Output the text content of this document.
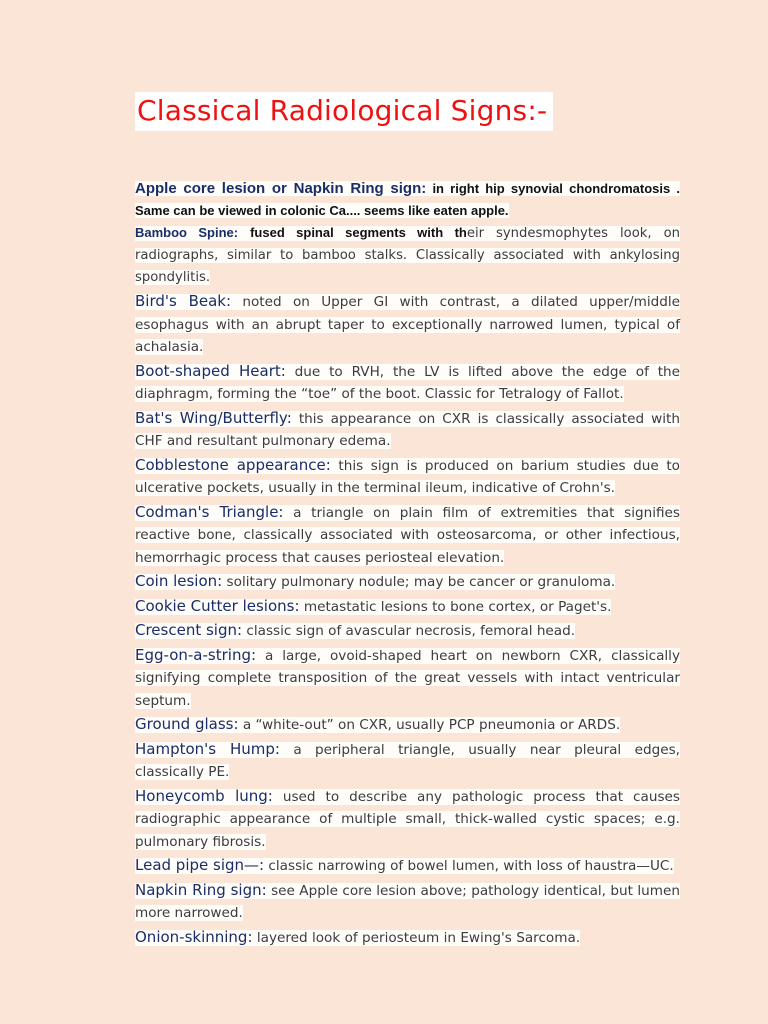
Classical Radiological Signs:-
Apple core lesion or Napkin Ring sign: in right hip synovial chondromatosis . Same can be viewed in colonic Ca.... seems like eaten apple.
Bamboo Spine: fused spinal segments with their syndesmophytes look, on radiographs, similar to bamboo stalks. Classically associated with ankylosing spondylitis.
Bird's Beak: noted on Upper GI with contrast, a dilated upper/middle esophagus with an abrupt taper to exceptionally narrowed lumen, typical of achalasia.
Boot-shaped Heart: due to RVH, the LV is lifted above the edge of the diaphragm, forming the “toe” of the boot. Classic for Tetralogy of Fallot.
Bat's Wing/Butterfly: this appearance on CXR is classically associated with CHF and resultant pulmonary edema.
Cobblestone appearance: this sign is produced on barium studies due to ulcerative pockets, usually in the terminal ileum, indicative of Crohn's.
Codman's Triangle: a triangle on plain film of extremities that signifies reactive bone, classically associated with osteosarcoma, or other infectious, hemorrhagic process that causes periosteal elevation.
Coin lesion: solitary pulmonary nodule; may be cancer or granuloma.
Cookie Cutter lesions: metastatic lesions to bone cortex, or Paget's.
Crescent sign: classic sign of avascular necrosis, femoral head.
Egg-on-a-string: a large, ovoid-shaped heart on newborn CXR, classically signifying complete transposition of the great vessels with intact ventricular septum.
Ground glass: a “white-out” on CXR, usually PCP pneumonia or ARDS.
Hampton's Hump: a peripheral triangle, usually near pleural edges, classically PE.
Honeycomb lung: used to describe any pathologic process that causes radiographic appearance of multiple small, thick-walled cystic spaces; e.g. pulmonary fibrosis.
Lead pipe sign—: classic narrowing of bowel lumen, with loss of haustra—UC.
Napkin Ring sign: see Apple core lesion above; pathology identical, but lumen more narrowed.
Onion-skinning: layered look of periosteum in Ewing's Sarcoma.
